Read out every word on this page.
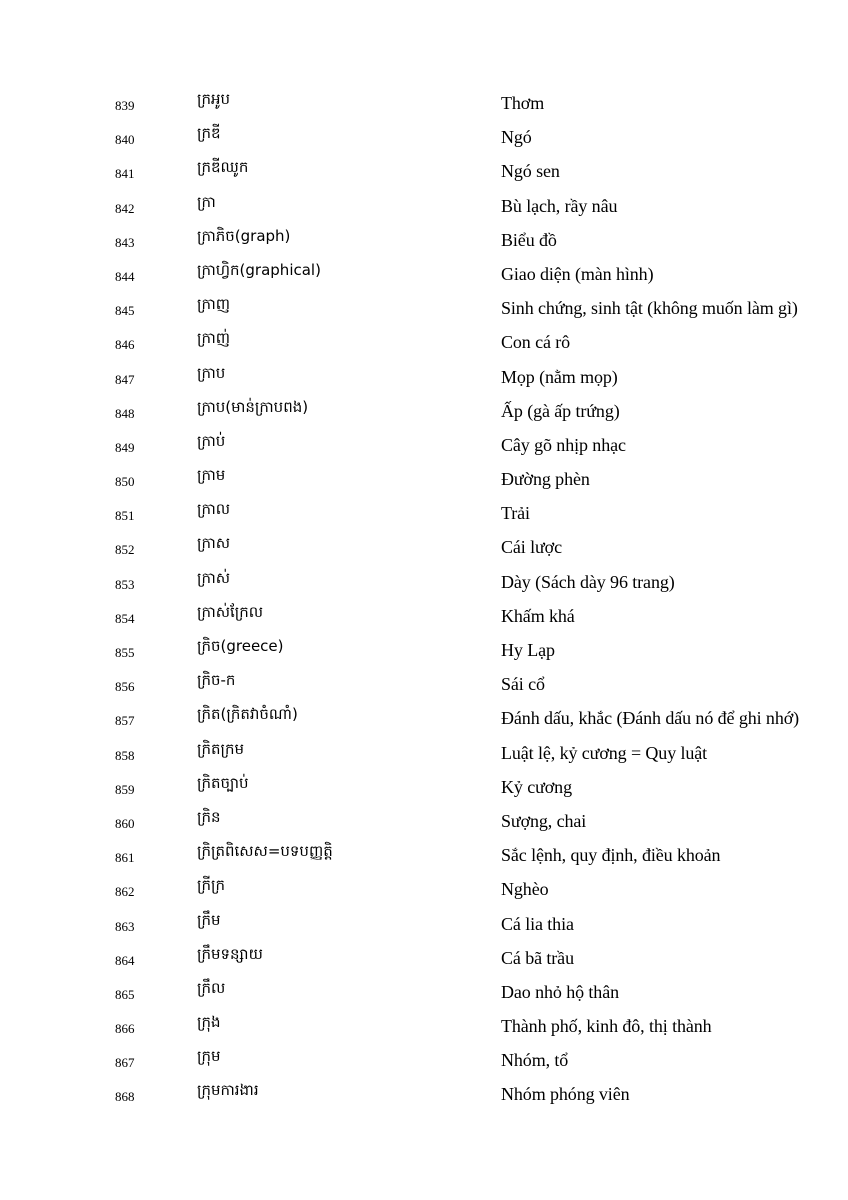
839	ក្រអូប	Thơm
840	ក្រឌី	Ngó
841	ក្រឌីឈូក	Ngó sen
842	ក្រា	Bù lạch, rầy nâu
843	ក្រាភិច(graph)	Biểu đồ
844	ក្រាហ្វិក(graphical)	Giao diện (màn hình)
845	ក្រាញ	Sinh chứng, sinh tật (không muốn làm gì)
846	ក្រាញ់	Con cá rô
847	ក្រាប	Mọp (nằm mọp)
848	ក្រាប(មាន់ក្រាបពង)	Ấp (gà ấp trứng)
849	ក្រាប់	Cây gõ nhịp nhạc
850	ក្រាម	Đường phèn
851	ក្រាល	Trải
852	ក្រាស	Cái lược
853	ក្រាស់	Dày (Sách dày 96 trang)
854	ក្រាស់ក្រែល	Khấm khá
855	ក្រិច(greece)	Hy Lạp
856	ក្រិច-ក	Sái cổ
857	ក្រិត(ក្រិតវាចំណាំ)	Đánh dấu, khắc (Đánh dấu nó để ghi nhớ)
858	ក្រិតក្រម	Luật lệ, kỷ cương = Quy luật
859	ក្រិតច្បាប់	Kỷ cương
860	ក្រិន	Sượng, chai
861	ក្រិត្រពិសេស=បទបញ្ញត្តិ	Sắc lệnh, quy định, điều khoản
862	ក្រីក្រ	Nghèo
863	ក្រឹម	Cá lia thia
864	ក្រឹមទន្សាយ	Cá bã trầu
865	ក្រឹល	Dao nhỏ hộ thân
866	ក្រុង	Thành phố, kinh đô, thị thành
867	ក្រុម	Nhóm, tổ
868	ក្រុមការងារ	Nhóm phóng viên
